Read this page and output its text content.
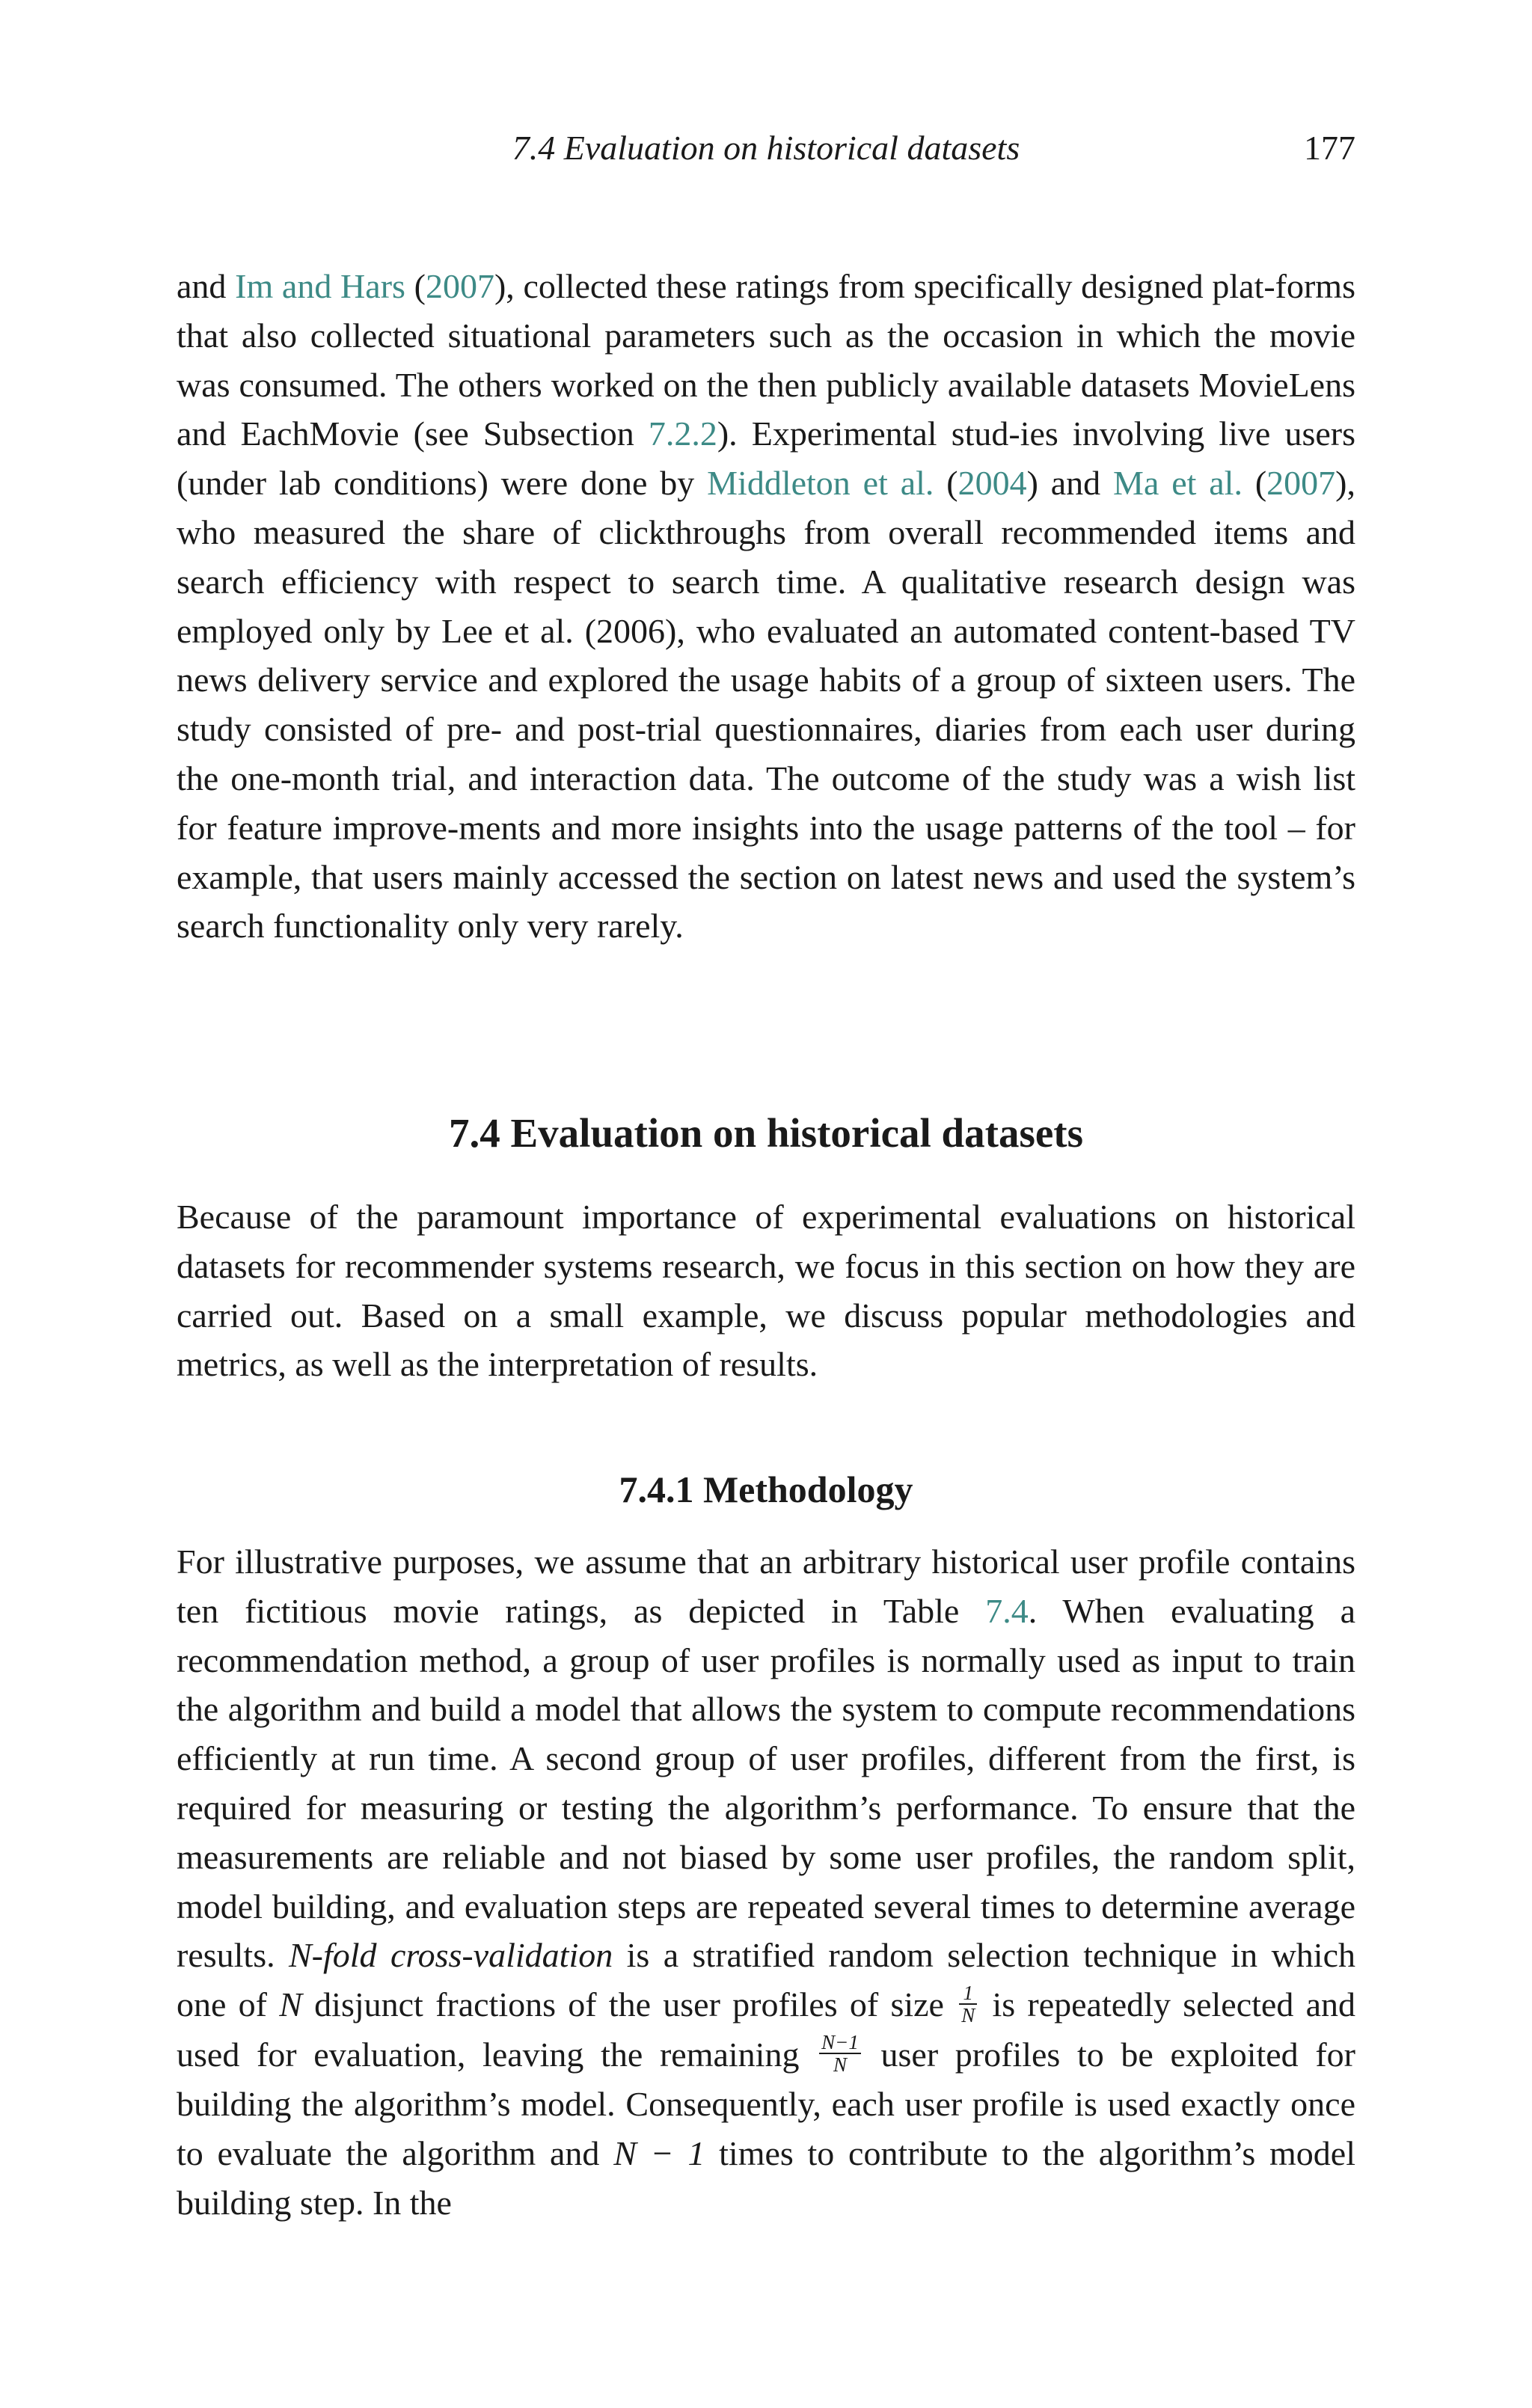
7.4 Evaluation on historical datasets	177
and Im and Hars (2007), collected these ratings from specifically designed plat-forms that also collected situational parameters such as the occasion in which the movie was consumed. The others worked on the then publicly available datasets MovieLens and EachMovie (see Subsection 7.2.2). Experimental stud-ies involving live users (under lab conditions) were done by Middleton et al. (2004) and Ma et al. (2007), who measured the share of clickthroughs from overall recommended items and search efficiency with respect to search time. A qualitative research design was employed only by Lee et al. (2006), who evaluated an automated content-based TV news delivery service and explored the usage habits of a group of sixteen users. The study consisted of pre- and post-trial questionnaires, diaries from each user during the one-month trial, and interaction data. The outcome of the study was a wish list for feature improve-ments and more insights into the usage patterns of the tool – for example, that users mainly accessed the section on latest news and used the system’s search functionality only very rarely.
7.4 Evaluation on historical datasets
Because of the paramount importance of experimental evaluations on historical datasets for recommender systems research, we focus in this section on how they are carried out. Based on a small example, we discuss popular methodologies and metrics, as well as the interpretation of results.
7.4.1 Methodology
For illustrative purposes, we assume that an arbitrary historical user profile contains ten fictitious movie ratings, as depicted in Table 7.4. When evaluating a recommendation method, a group of user profiles is normally used as input to train the algorithm and build a model that allows the system to compute recommendations efficiently at run time. A second group of user profiles, different from the first, is required for measuring or testing the algorithm’s performance. To ensure that the measurements are reliable and not biased by some user profiles, the random split, model building, and evaluation steps are repeated several times to determine average results. N-fold cross-validation is a stratified random selection technique in which one of N disjunct fractions of the user profiles of size $\frac{1}{N}$ is repeatedly selected and used for evaluation, leaving the remaining $\frac{N-1}{N}$ user profiles to be exploited for building the algorithm’s model. Consequently, each user profile is used exactly once to evaluate the algorithm and N − 1 times to contribute to the algorithm’s model building step. In the
